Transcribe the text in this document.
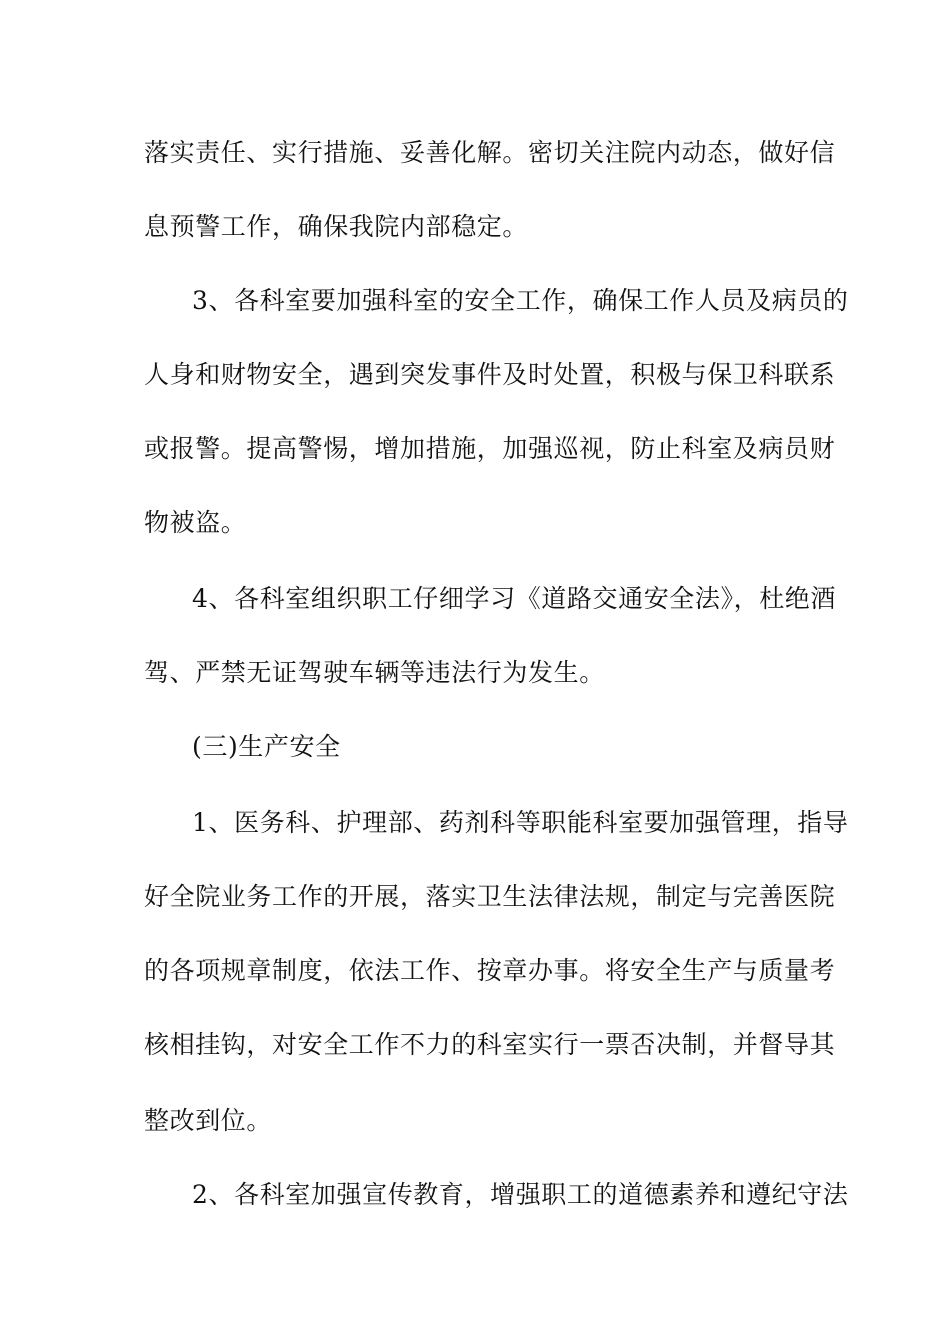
落实责任、实行措施、妥善化解。密切关注院内动态，做好信
息预警工作，确保我院内部稳定。
3、各科室要加强科室的安全工作，确保工作人员及病员的
人身和财物安全，遇到突发事件及时处置，积极与保卫科联系
或报警。提高警惕，增加措施，加强巡视，防止科室及病员财
物被盗。
4、各科室组织职工仔细学习《道路交通安全法》，杜绝酒
驾、严禁无证驾驶车辆等违法行为发生。
(三)生产安全
1、医务科、护理部、药剂科等职能科室要加强管理，指导
好全院业务工作的开展，落实卫生法律法规，制定与完善医院
的各项规章制度，依法工作、按章办事。将安全生产与质量考
核相挂钩，对安全工作不力的科室实行一票否决制，并督导其
整改到位。
2、各科室加强宣传教育，增强职工的道德素养和遵纪守法
